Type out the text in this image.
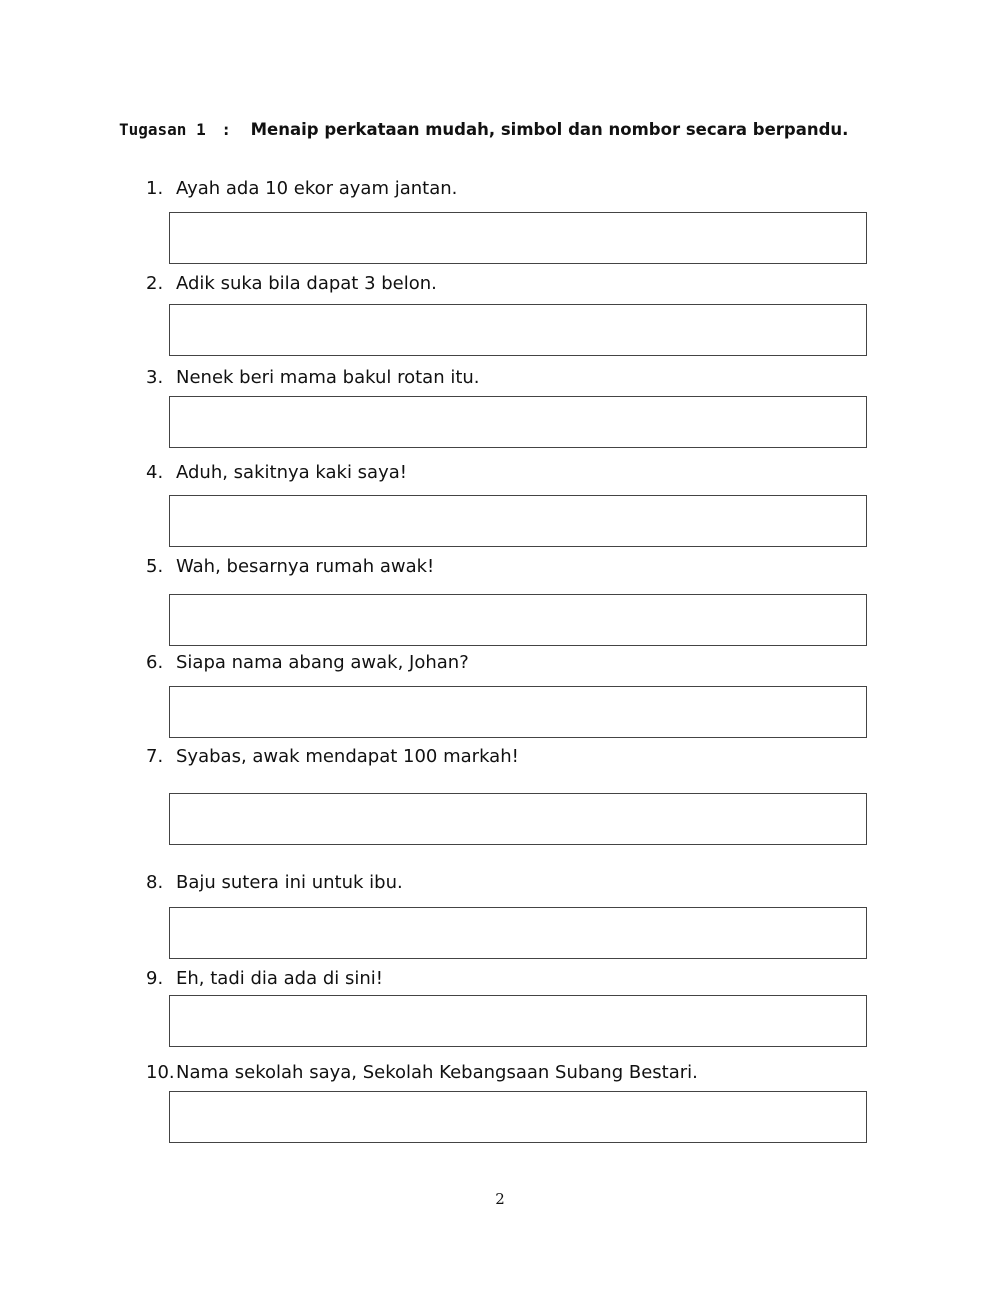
Tugasan 1 : Menaip perkataan mudah, simbol dan nombor secara berpandu.
1. Ayah ada 10 ekor ayam jantan.
2. Adik suka bila dapat 3 belon.
3. Nenek beri mama bakul rotan itu.
4. Aduh, sakitnya kaki saya!
5. Wah, besarnya rumah awak!
6. Siapa nama abang awak, Johan?
7. Syabas, awak mendapat 100 markah!
8. Baju sutera ini untuk ibu.
9. Eh, tadi dia ada di sini!
10.Nama sekolah saya, Sekolah Kebangsaan Subang Bestari.
2
